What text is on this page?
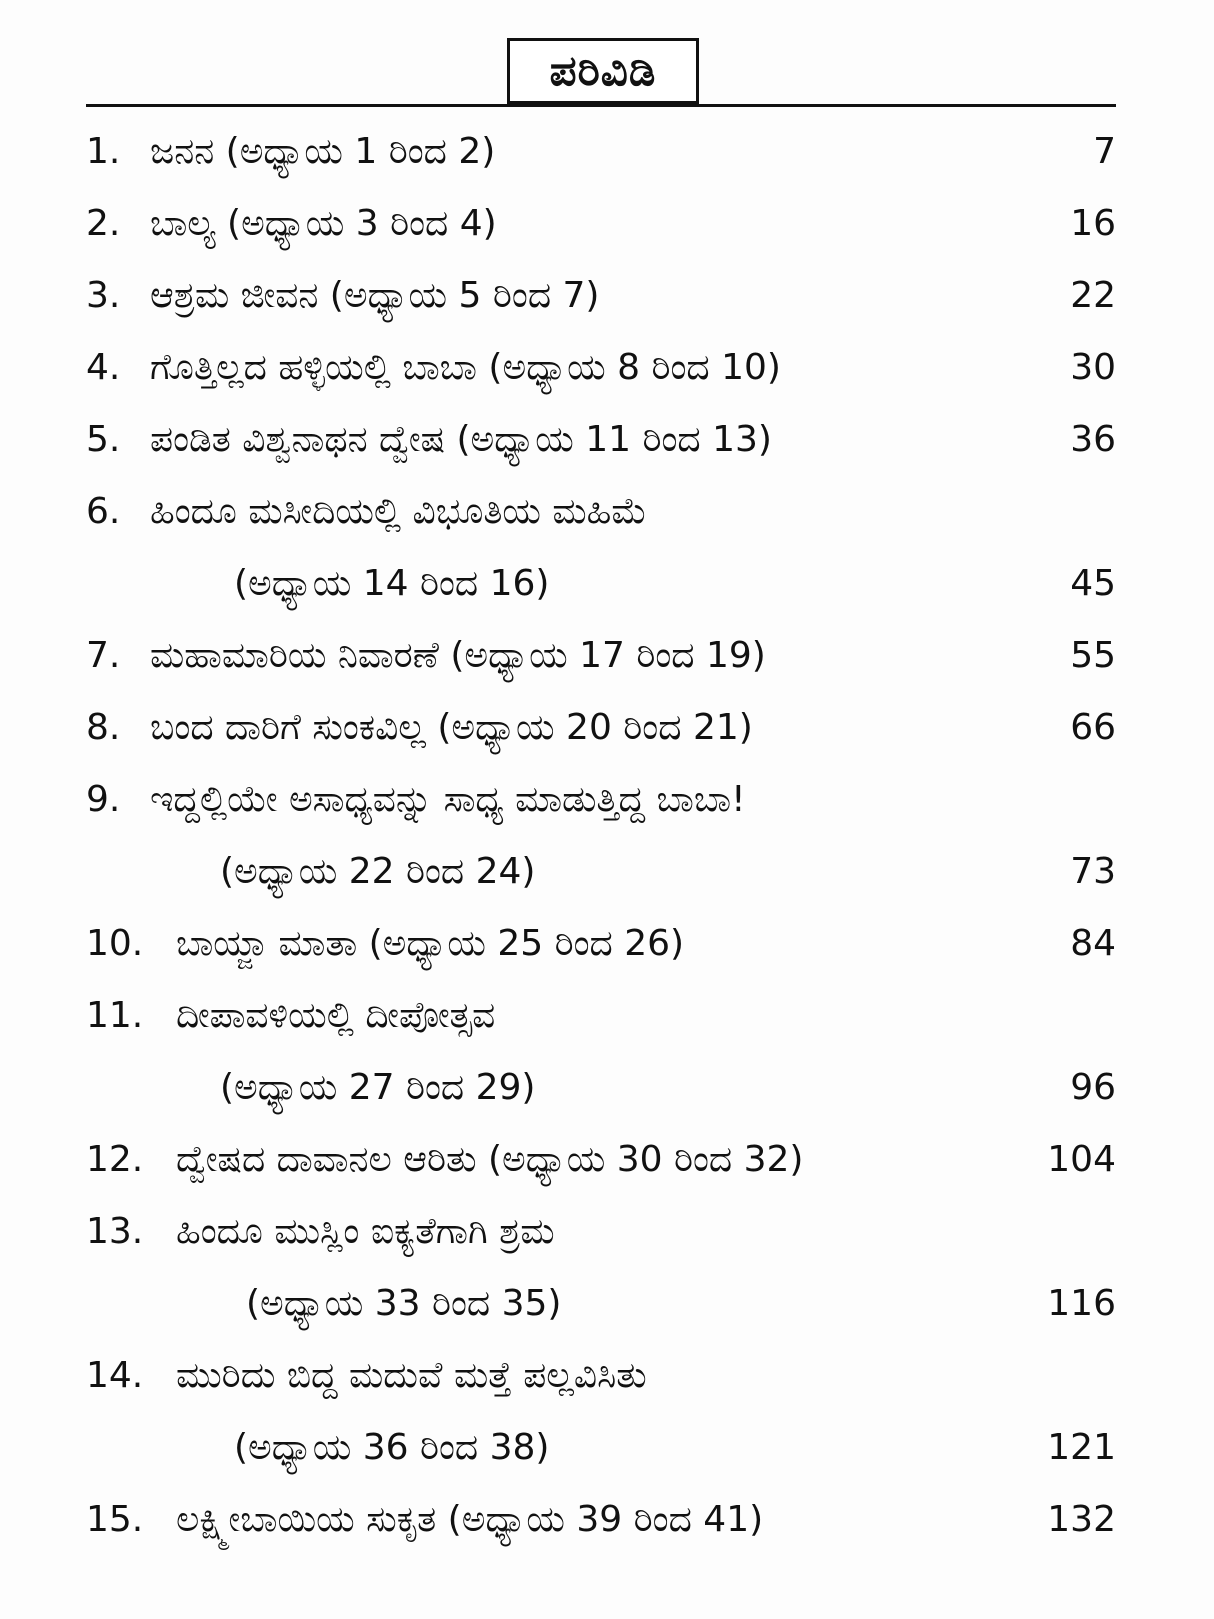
ಪರಿವಿಡಿ
1. ಜನನ (ಅಧ್ಯಾಯ 1 ರಿಂದ 2)	7
2. ಬಾಲ್ಯ (ಅಧ್ಯಾಯ 3 ರಿಂದ 4)	16
3. ಆಶ್ರಮ ಜೀವನ (ಅಧ್ಯಾಯ 5 ರಿಂದ 7)	22
4. ಗೊತ್ತಿಲ್ಲದ ಹಳ್ಳಿಯಲ್ಲಿ ಬಾಬಾ (ಅಧ್ಯಾಯ 8 ರಿಂದ 10)	30
5. ಪಂಡಿತ ವಿಶ್ವನಾಥನ ದ್ವೇಷ (ಅಧ್ಯಾಯ 11 ರಿಂದ 13)	36
6. ಹಿಂದೂ ಮಸೀದಿಯಲ್ಲಿ ವಿಭೂತಿಯ ಮಹಿಮೆ
(ಅಧ್ಯಾಯ 14 ರಿಂದ 16)	45
7. ಮಹಾಮಾರಿಯ ನಿವಾರಣೆ (ಅಧ್ಯಾಯ 17 ರಿಂದ 19)	55
8. ಬಂದ ದಾರಿಗೆ ಸುಂಕವಿಲ್ಲ (ಅಧ್ಯಾಯ 20 ರಿಂದ 21)	66
9. ಇದ್ದಲ್ಲಿಯೇ ಅಸಾಧ್ಯವನ್ನು ಸಾಧ್ಯ ಮಾಡುತ್ತಿದ್ದ ಬಾಬಾ!
(ಅಧ್ಯಾಯ 22 ರಿಂದ 24)	73
10. ಬಾಯ್ಜಾ ಮಾತಾ (ಅಧ್ಯಾಯ 25 ರಿಂದ 26)	84
11. ದೀಪಾವಳಿಯಲ್ಲಿ ದೀಪೋತ್ಸವ
(ಅಧ್ಯಾಯ 27 ರಿಂದ 29)	96
12. ದ್ವೇಷದ ದಾವಾನಲ ಆರಿತು (ಅಧ್ಯಾಯ 30 ರಿಂದ 32)	104
13. ಹಿಂದೂ ಮುಸ್ಲಿಂ ಐಕ್ಯತೆಗಾಗಿ ಶ್ರಮ
(ಅಧ್ಯಾಯ 33 ರಿಂದ 35)	116
14. ಮುರಿದು ಬಿದ್ದ ಮದುವೆ ಮತ್ತೆ ಪಲ್ಲವಿಸಿತು
(ಅಧ್ಯಾಯ 36 ರಿಂದ 38)	121
15. ಲಕ್ಷ್ಮೀಬಾಯಿಯ ಸುಕೃತ (ಅಧ್ಯಾಯ 39 ರಿಂದ 41)	132
